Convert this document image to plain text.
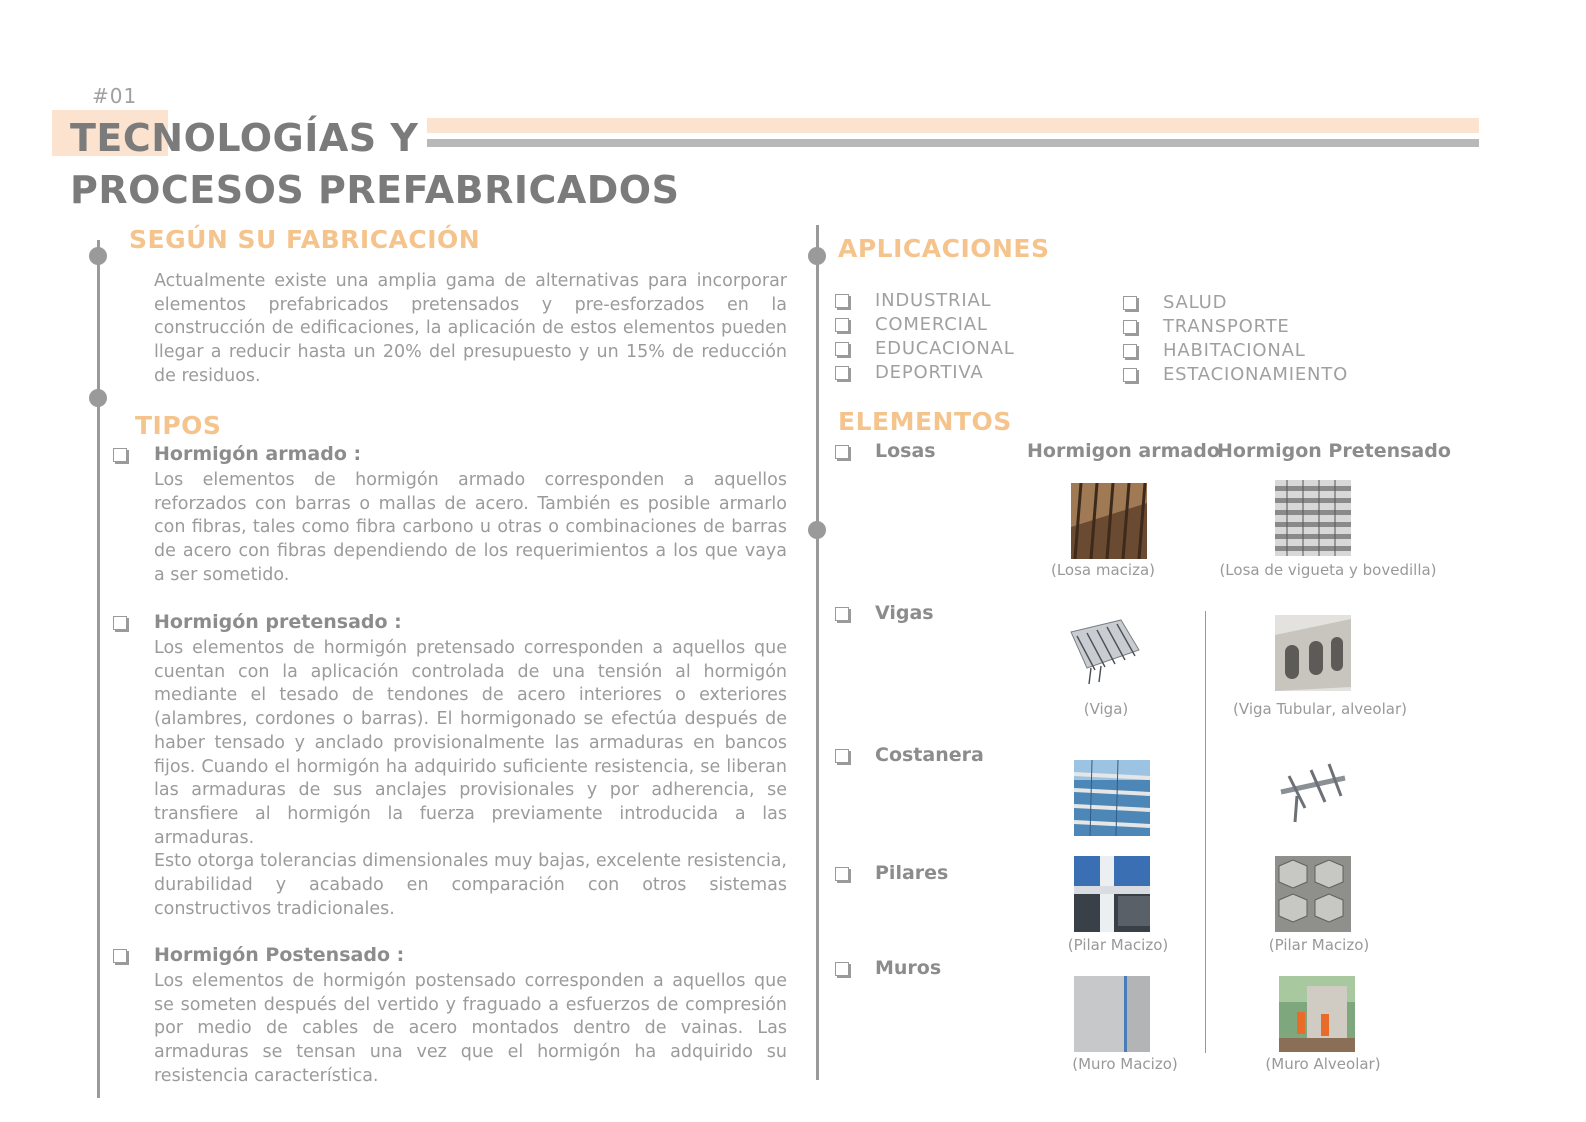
#01
TECNOLOGÍAS Y
PROCESOS PREFABRICADOS
SEGÚN SU FABRICACIÓN
Actualmente existe una amplia gama de alternativas para incorporar elementos prefabricados pretensados y pre-esforzados en la construcción de edificaciones, la aplicación de estos elementos pueden llegar a reducir hasta un 20% del presupuesto y un 15% de reducción de residuos.
TIPOS
Hormigón armado :
Los elementos de hormigón armado corresponden a aquellos reforzados con barras o mallas de acero. También es posible armarlo con fibras, tales como fibra carbono u otras o combinaciones de barras de acero con fibras dependiendo de los requerimientos a los que vaya a ser sometido.
Hormigón pretensado :
Los elementos de hormigón pretensado corresponden a aquellos que cuentan con la aplicación controlada de una tensión al hormigón mediante el tesado de tendones de acero interiores o exteriores (alambres, cordones o barras). El hormigonado se efectúa después de haber tensado y anclado provisionalmente las armaduras en bancos fijos. Cuando el hormigón ha adquirido suficiente resistencia, se liberan las armaduras de sus anclajes provisionales y por adherencia, se transfiere al hormigón la fuerza previamente introducida a las armaduras.
Esto otorga tolerancias dimensionales muy bajas, excelente resistencia, durabilidad y acabado en comparación con otros sistemas constructivos tradicionales.
Hormigón Postensado :
Los elementos de hormigón postensado corresponden a aquellos que se someten después del vertido y fraguado a esfuerzos de compresión por medio de cables de acero montados dentro de vainas. Las armaduras se tensan una vez que el hormigón ha adquirido su resistencia característica.
APLICACIONES
INDUSTRIAL
COMERCIAL
EDUCACIONAL
DEPORTIVA
SALUD
TRANSPORTE
HABITACIONAL
ESTACIONAMIENTO
ELEMENTOS
Hormigon armado
Hormigon Pretensado
Losas
(Losa maciza)	(Losa de vigueta y bovedilla)
Vigas
(Viga)	(Viga Tubular, alveolar)
Costanera
Pilares
(Pilar Macizo)	(Pilar Macizo)
Muros
(Muro Macizo)	(Muro Alveolar)
